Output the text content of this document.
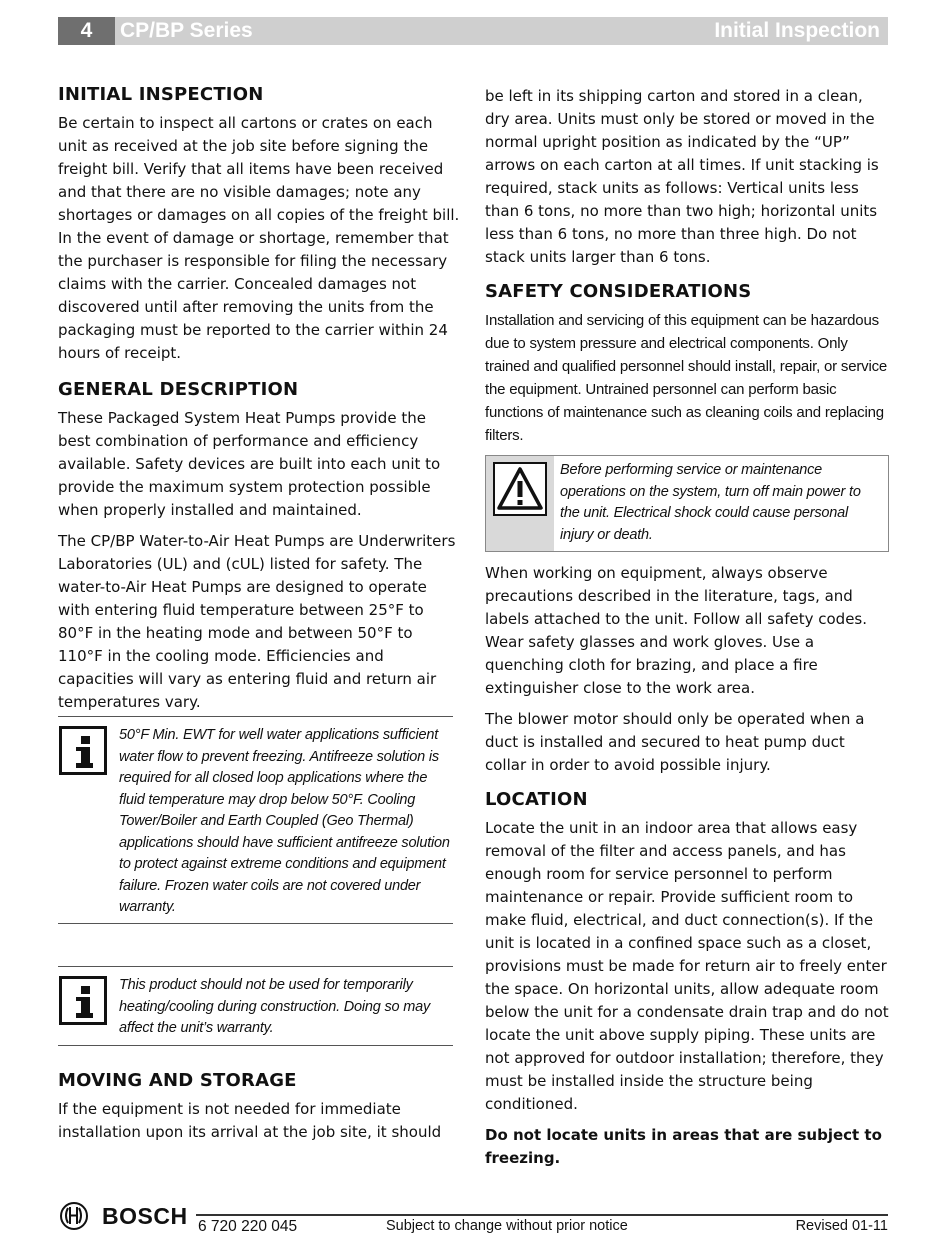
4	CP/BP Series	Initial Inspection
INITIAL INSPECTION

Be certain to inspect all cartons or crates on each unit as received at the job site before signing the freight bill. Verify that all items have been received and that there are no visible damages; note any shortages or damages on all copies of the freight bill. In the event of damage or shortage, remember that the purchaser is responsible for filing the necessary claims with the carrier. Concealed damages not discovered until after removing the units from the packaging must be reported to the carrier within 24 hours of receipt.

GENERAL DESCRIPTION

These Packaged System Heat Pumps provide the best combination of performance and efficiency available. Safety devices are built into each unit to provide the maximum system protection possible when properly installed and maintained.

The CP/BP Water-to-Air Heat Pumps are Underwriters Laboratories (UL) and (cUL) listed for safety. The water-to-Air Heat Pumps are designed to operate with entering fluid temperature between 25°F to 80°F in the heating mode and between 50°F to 110°F in the cooling mode. Efficiencies and capacities will vary as entering fluid and return air temperatures vary.

50°F Min. EWT for well water applications sufficient water flow to prevent freezing. Antifreeze solution is required for all closed loop applications where the fluid temperature may drop below 50°F. Cooling Tower/Boiler and Earth Coupled (Geo Thermal) applications should have sufficient antifreeze solution to protect against extreme conditions and equipment failure. Frozen water coils are not covered under warranty.
This product should not be used for temporarily heating/cooling during construction. Doing so may affect the unit’s warranty.
MOVING AND STORAGE

If the equipment is not needed for immediate installation upon its arrival at the job site, it should

be left in its shipping carton and stored in a clean, dry area. Units must only be stored or moved in the normal upright position as indicated by the “UP” arrows on each carton at all times. If unit stacking is required, stack units as follows: Vertical units less than 6 tons, no more than two high; horizontal units less than 6 tons, no more than three high. Do not stack units larger than 6 tons.

SAFETY CONSIDERATIONS

Installation and servicing of this equipment can be hazardous due to system pressure and electrical components. Only trained and qualified personnel should install, repair, or service the equipment. Untrained personnel can perform basic functions of maintenance such as cleaning coils and replacing filters.

Before performing service or maintenance operations on the system, turn off main power to the unit. Electrical shock could cause personal injury or death.

When working on equipment, always observe precautions described in the literature, tags, and labels attached to the unit. Follow all safety codes. Wear safety glasses and work gloves. Use a quenching cloth for brazing, and place a fire extinguisher close to the work area.

The blower motor should only be operated when a duct is installed and secured to heat pump duct collar in order to avoid possible injury.

LOCATION

Locate the unit in an indoor area that allows easy removal of the filter and access panels, and has enough room for service personnel to perform maintenance or repair. Provide sufficient room to make fluid, electrical, and duct connection(s). If the unit is located in a confined space such as a closet, provisions must be made for return air to freely enter the space. On horizontal units, allow adequate room below the unit for a condensate drain trap and do not locate the unit above supply piping. These units are not approved for outdoor installation; therefore, they must be installed inside the structure being conditioned.

Do not locate units in areas that are subject to freezing.

BOSCH 6 720 220 045	Subject to change without prior notice	Revised 01-11
